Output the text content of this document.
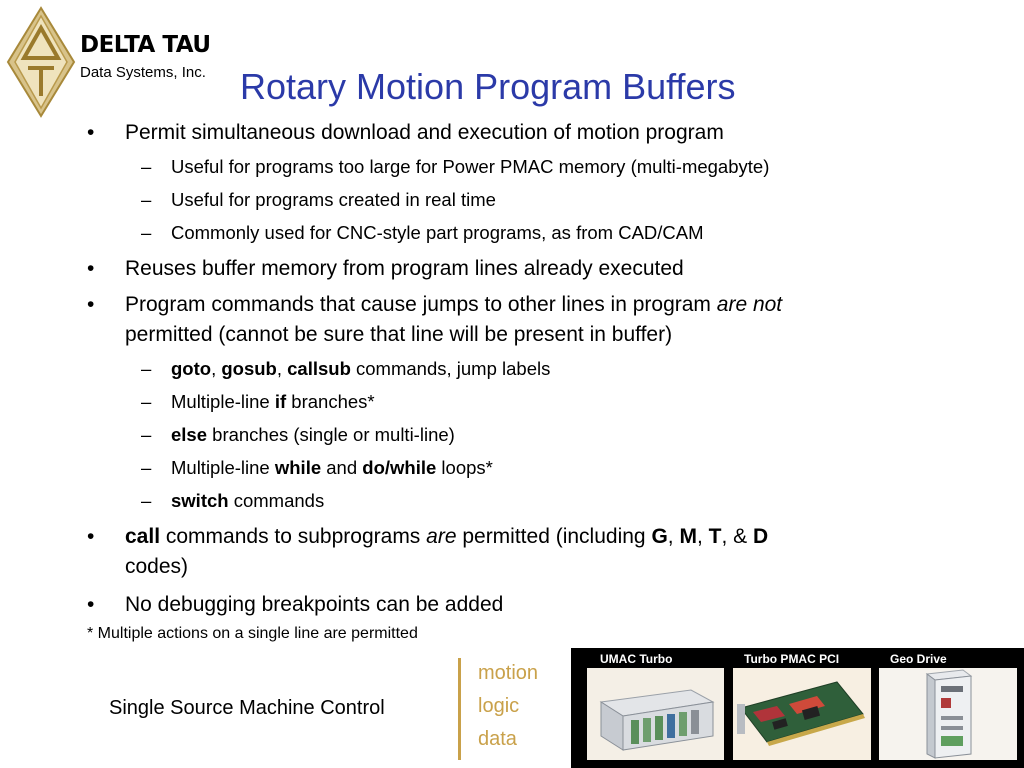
DELTA TAU
Data Systems, Inc. Rotary Motion Program Buffers
•	Permit simultaneous download and execution of motion program
–	Useful for programs too large for Power PMAC memory (multi-megabyte)
–	Useful for programs created in real time
–	Commonly used for CNC-style part programs, as from CAD/CAM
•	Reuses buffer memory from program lines already executed
•	Program commands that cause jumps to other lines in program are not
permitted (cannot be sure that line will be present in buffer)
–	goto, gosub, callsub commands, jump labels
–	Multiple-line if branches*
–	else branches (single or multi-line)
–	Multiple-line while and do/while loops*
–	switch commands
•	call commands to subprograms are permitted (including G, M, T, & D
codes)
•	No debugging breakpoints can be added
* Multiple actions on a single line are permitted
Single Source Machine Control
motion
logic
data
UMAC Turbo	Turbo PMAC PCI	Geo Drive
